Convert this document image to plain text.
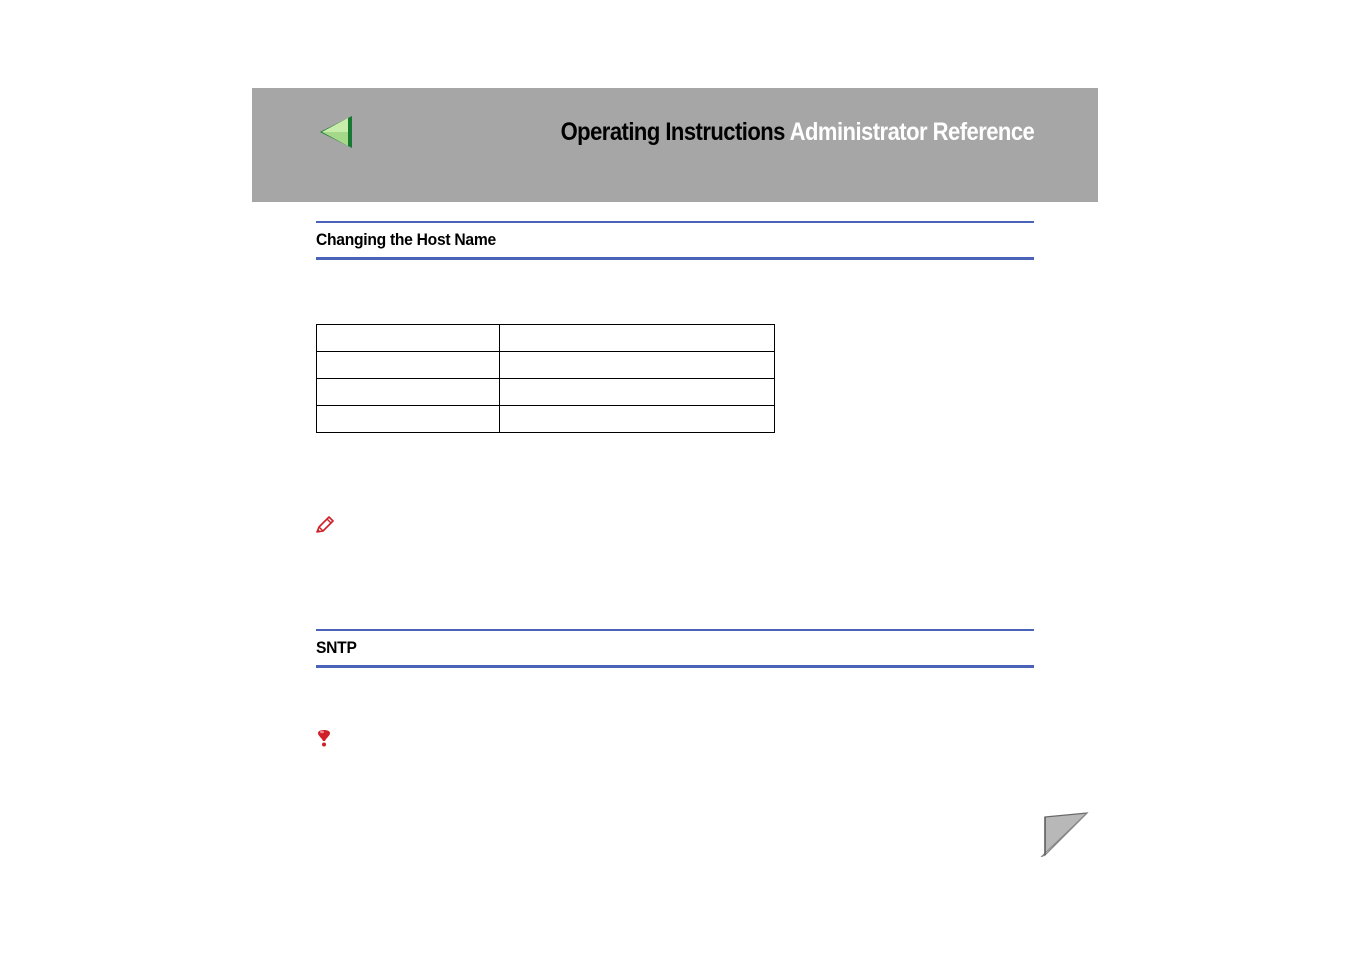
Operating Instructions Administrator Reference
Changing the Host Name

SNTP
